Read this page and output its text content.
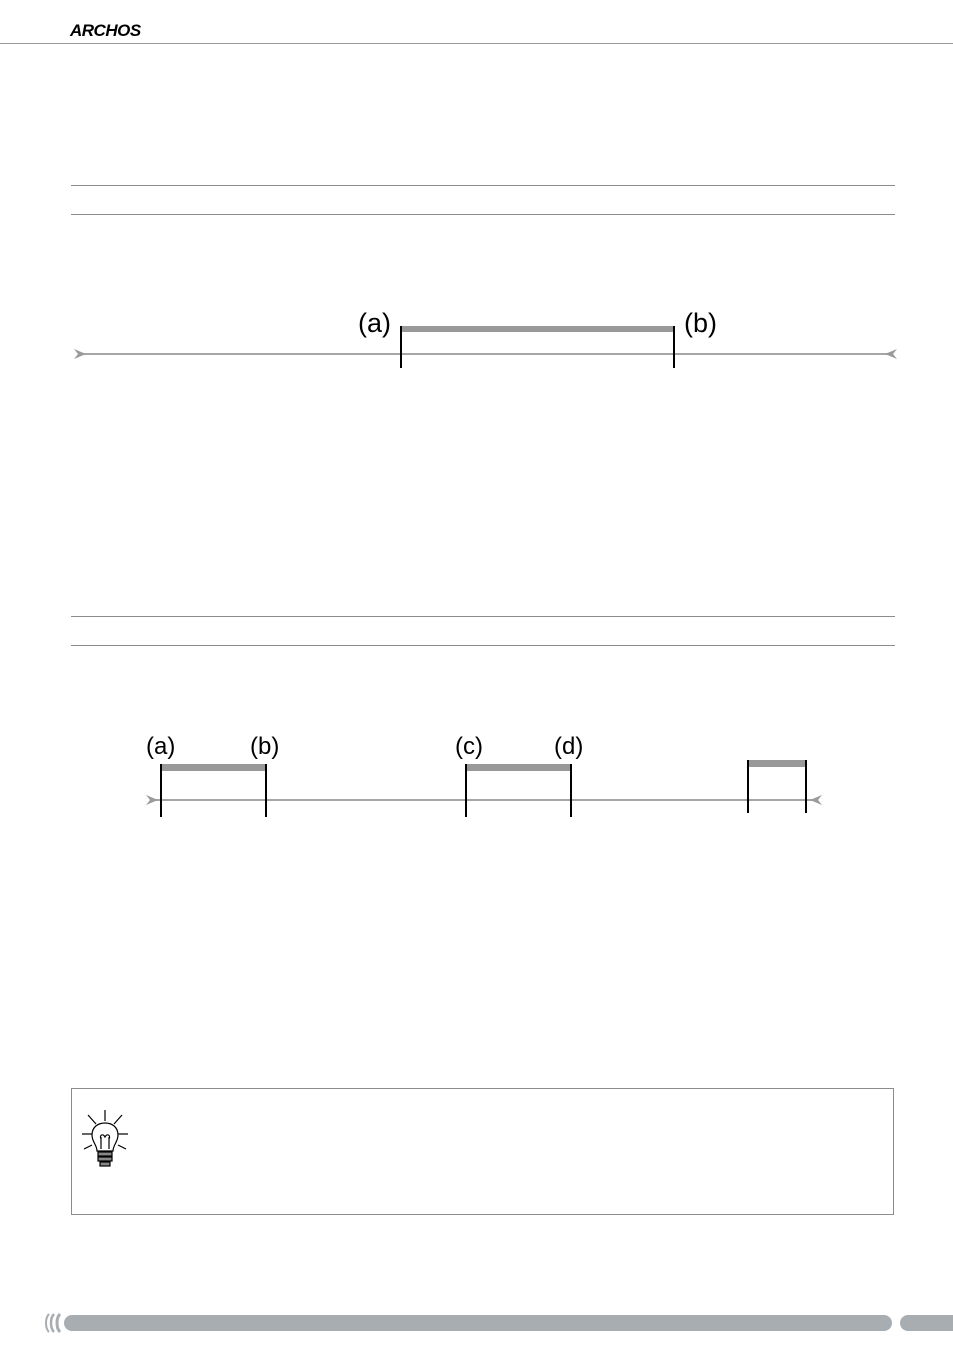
ARCHOS
(a)	(b)
(a)	(b)	(c)	(d)
